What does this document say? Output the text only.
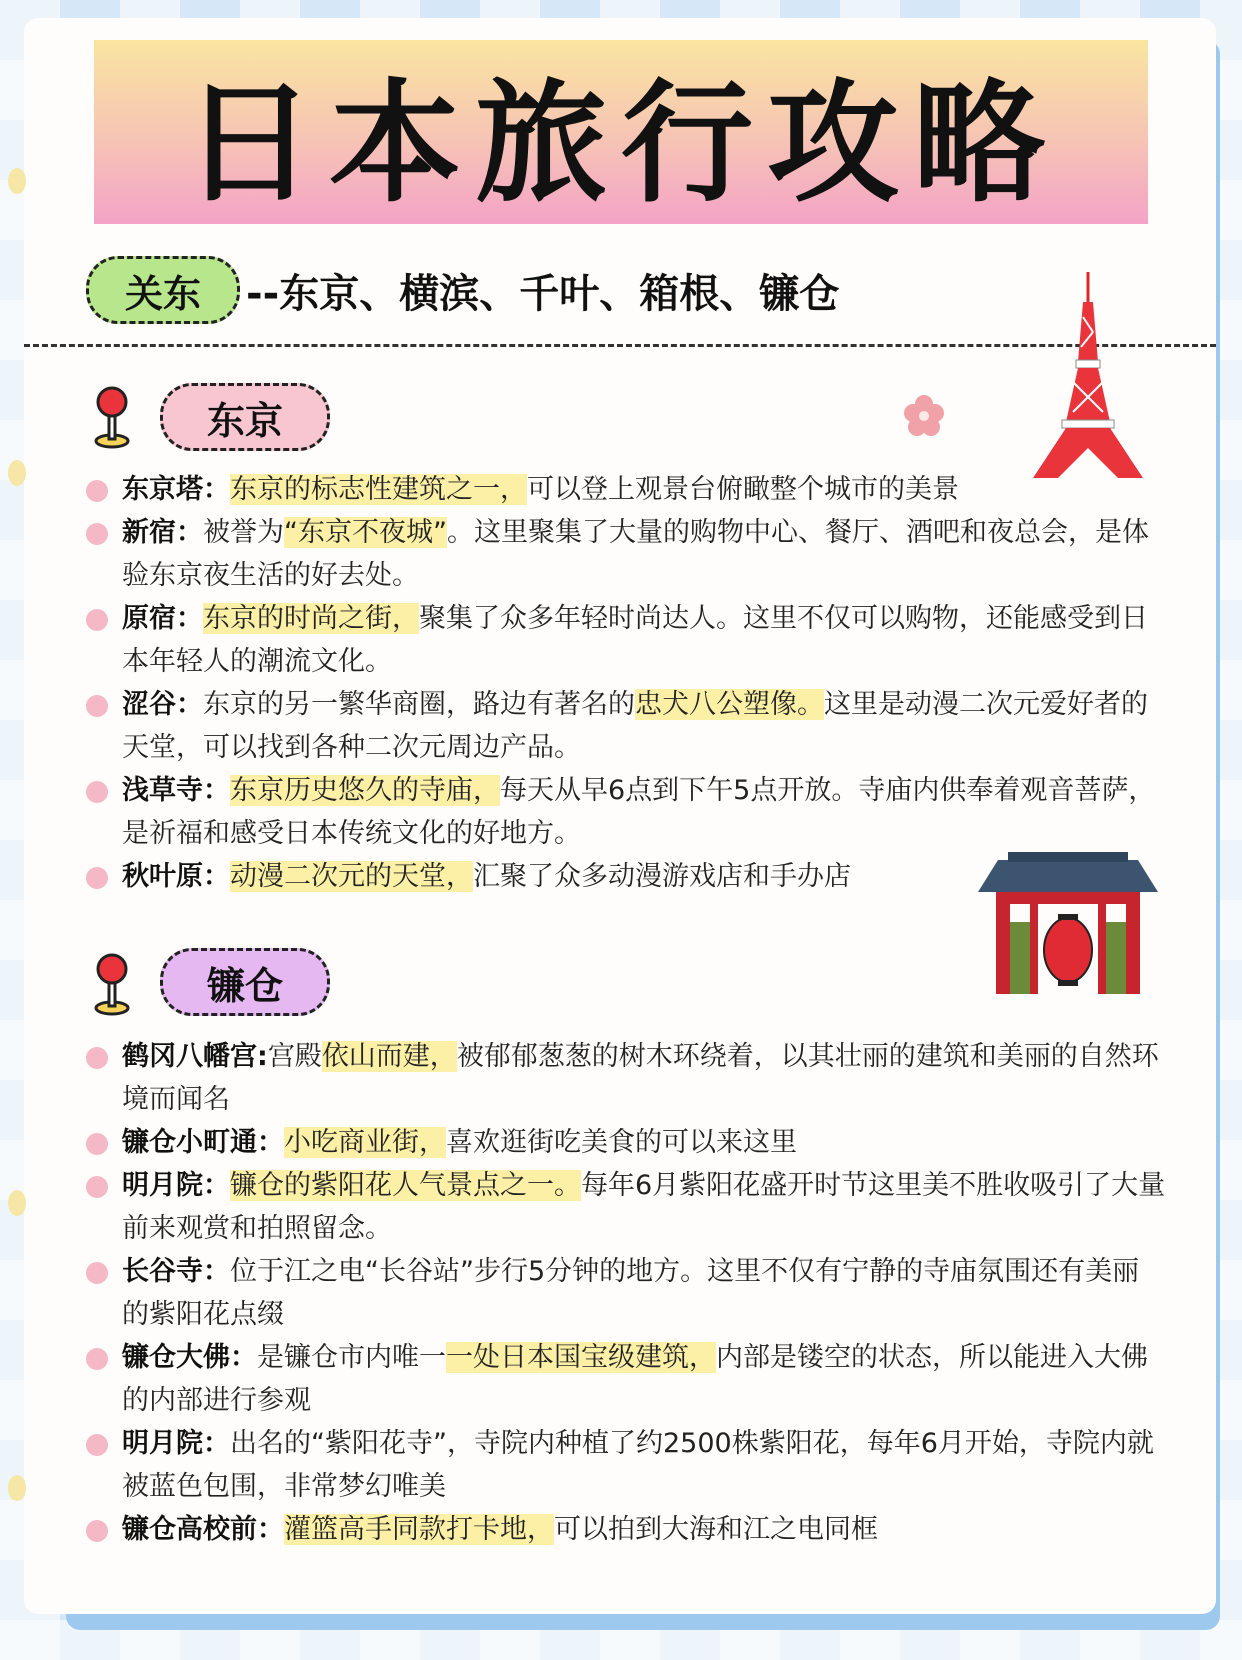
日本旅行攻略
关东	--东京、横滨、千叶、箱根、镰仓
东京
东京塔：东京的标志性建筑之一，可以登上观景台俯瞰整个城市的美景
新宿：被誉为“东京不夜城”。这里聚集了大量的购物中心、餐厅、酒吧和夜总会，是体验东京夜生活的好去处。
原宿：东京的时尚之街，聚集了众多年轻时尚达人。这里不仅可以购物，还能感受到日本年轻人的潮流文化。
涩谷：东京的另一繁华商圈，路边有著名的忠犬八公塑像。这里是动漫二次元爱好者的天堂，可以找到各种二次元周边产品。
浅草寺：东京历史悠久的寺庙，每天从早6点到下午5点开放。寺庙内供奉着观音菩萨，是祈福和感受日本传统文化的好地方。
秋叶原：动漫二次元的天堂，汇聚了众多动漫游戏店和手办店
镰仓
鹤冈八幡宫:宫殿依山而建，被郁郁葱葱的树木环绕着，以其壮丽的建筑和美丽的自然环境而闻名
镰仓小町通：小吃商业街，喜欢逛街吃美食的可以来这里
明月院：镰仓的紫阳花人气景点之一。每年6月紫阳花盛开时节这里美不胜收吸引了大量前来观赏和拍照留念。
长谷寺：位于江之电“长谷站”步行5分钟的地方。这里不仅有宁静的寺庙氛围还有美丽的紫阳花点缀
镰仓大佛：是镰仓市内唯一一处日本国宝级建筑，内部是镂空的状态，所以能进入大佛的内部进行参观
明月院：出名的“紫阳花寺”，寺院内种植了约2500株紫阳花，每年6月开始，寺院内就被蓝色包围，非常梦幻唯美
镰仓高校前：灌篮高手同款打卡地，可以拍到大海和江之电同框
